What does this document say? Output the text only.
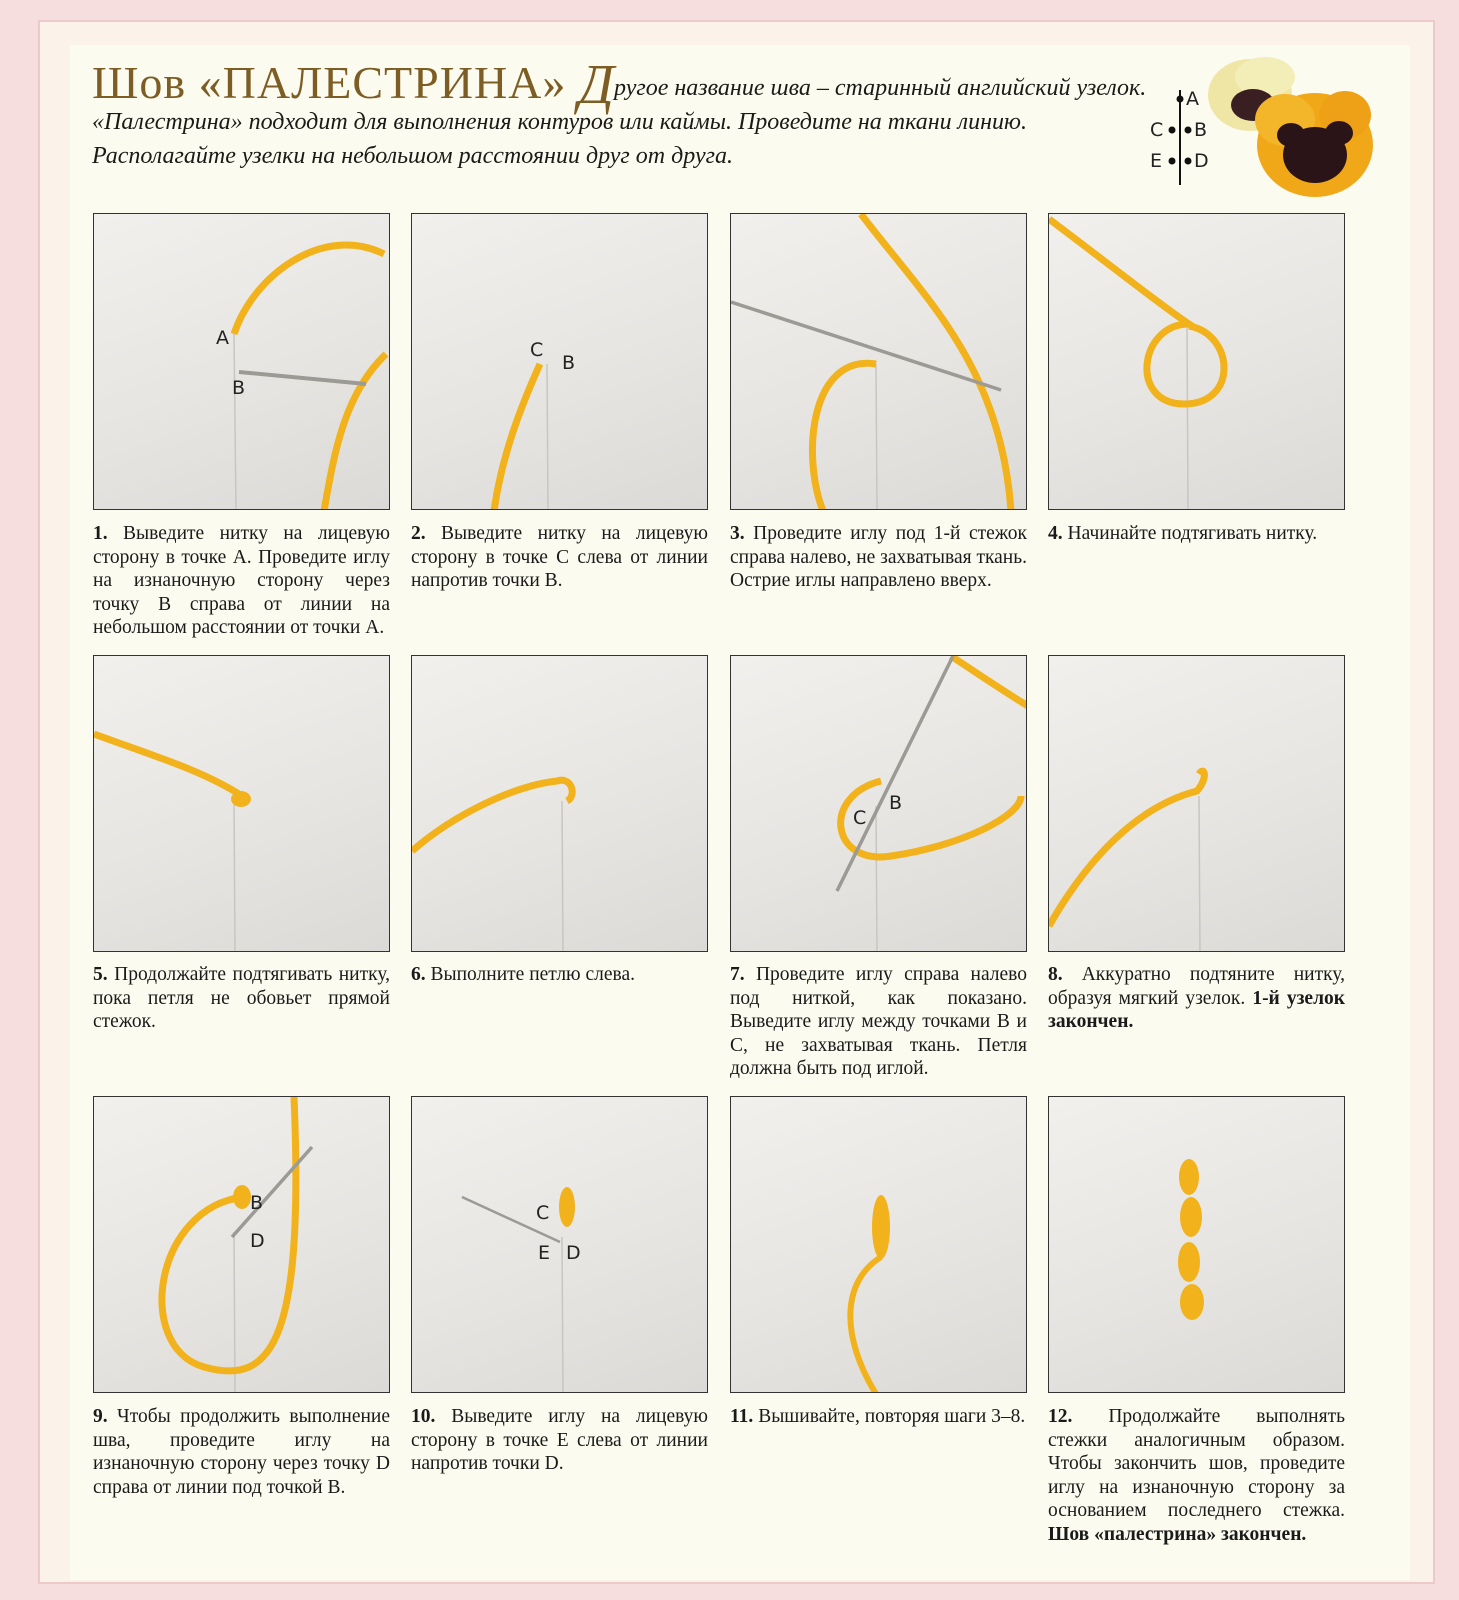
Шов «ПАЛЕСТРИНА» Другое название шва – старинный английский узелок. «Палестрина» подходит для выполнения контуров или каймы. Проведите на ткани линию. Располагайте узелки на небольшом расстоянии друг от друга.
A
C B
E D
A
B
1. Выведите нитку на лицевую сторону в точке А. Проведите иглу на изнаночную сторону через точку В справа от линии на небольшом расстоянии от точки А.
C
B
2. Выведите нитку на лицевую сторону в точке С слева от линии напротив точки В.
3. Проведите иглу под 1-й стежок справа налево, не захватывая ткань. Острие иглы направлено вверх.
4. Начинайте подтягивать нитку.
5. Продолжайте подтягивать нитку, пока петля не обовьет прямой стежок.
6. Выполните петлю слева.
C
B
7. Проведите иглу справа налево под ниткой, как показано. Выведите иглу между точками В и С, не захватывая ткань. Петля должна быть под иглой.
8. Аккуратно подтяните нитку, образуя мягкий узелок. 1-й узелок закончен.
B
D
9. Чтобы продолжить выполнение шва, проведите иглу на изнаночную сторону через точку D справа от линии под точкой В.
C
E D
10. Выведите иглу на лицевую сторону в точке Е слева от линии напротив точки D.
11. Вышивайте, повторяя шаги 3–8. 12. Продолжайте выполнять стежки аналогичным образом. Чтобы закончить шов, проведите иглу на изнаночную сторону за основанием последнего стежка. Шов «палестрина» закончен.
